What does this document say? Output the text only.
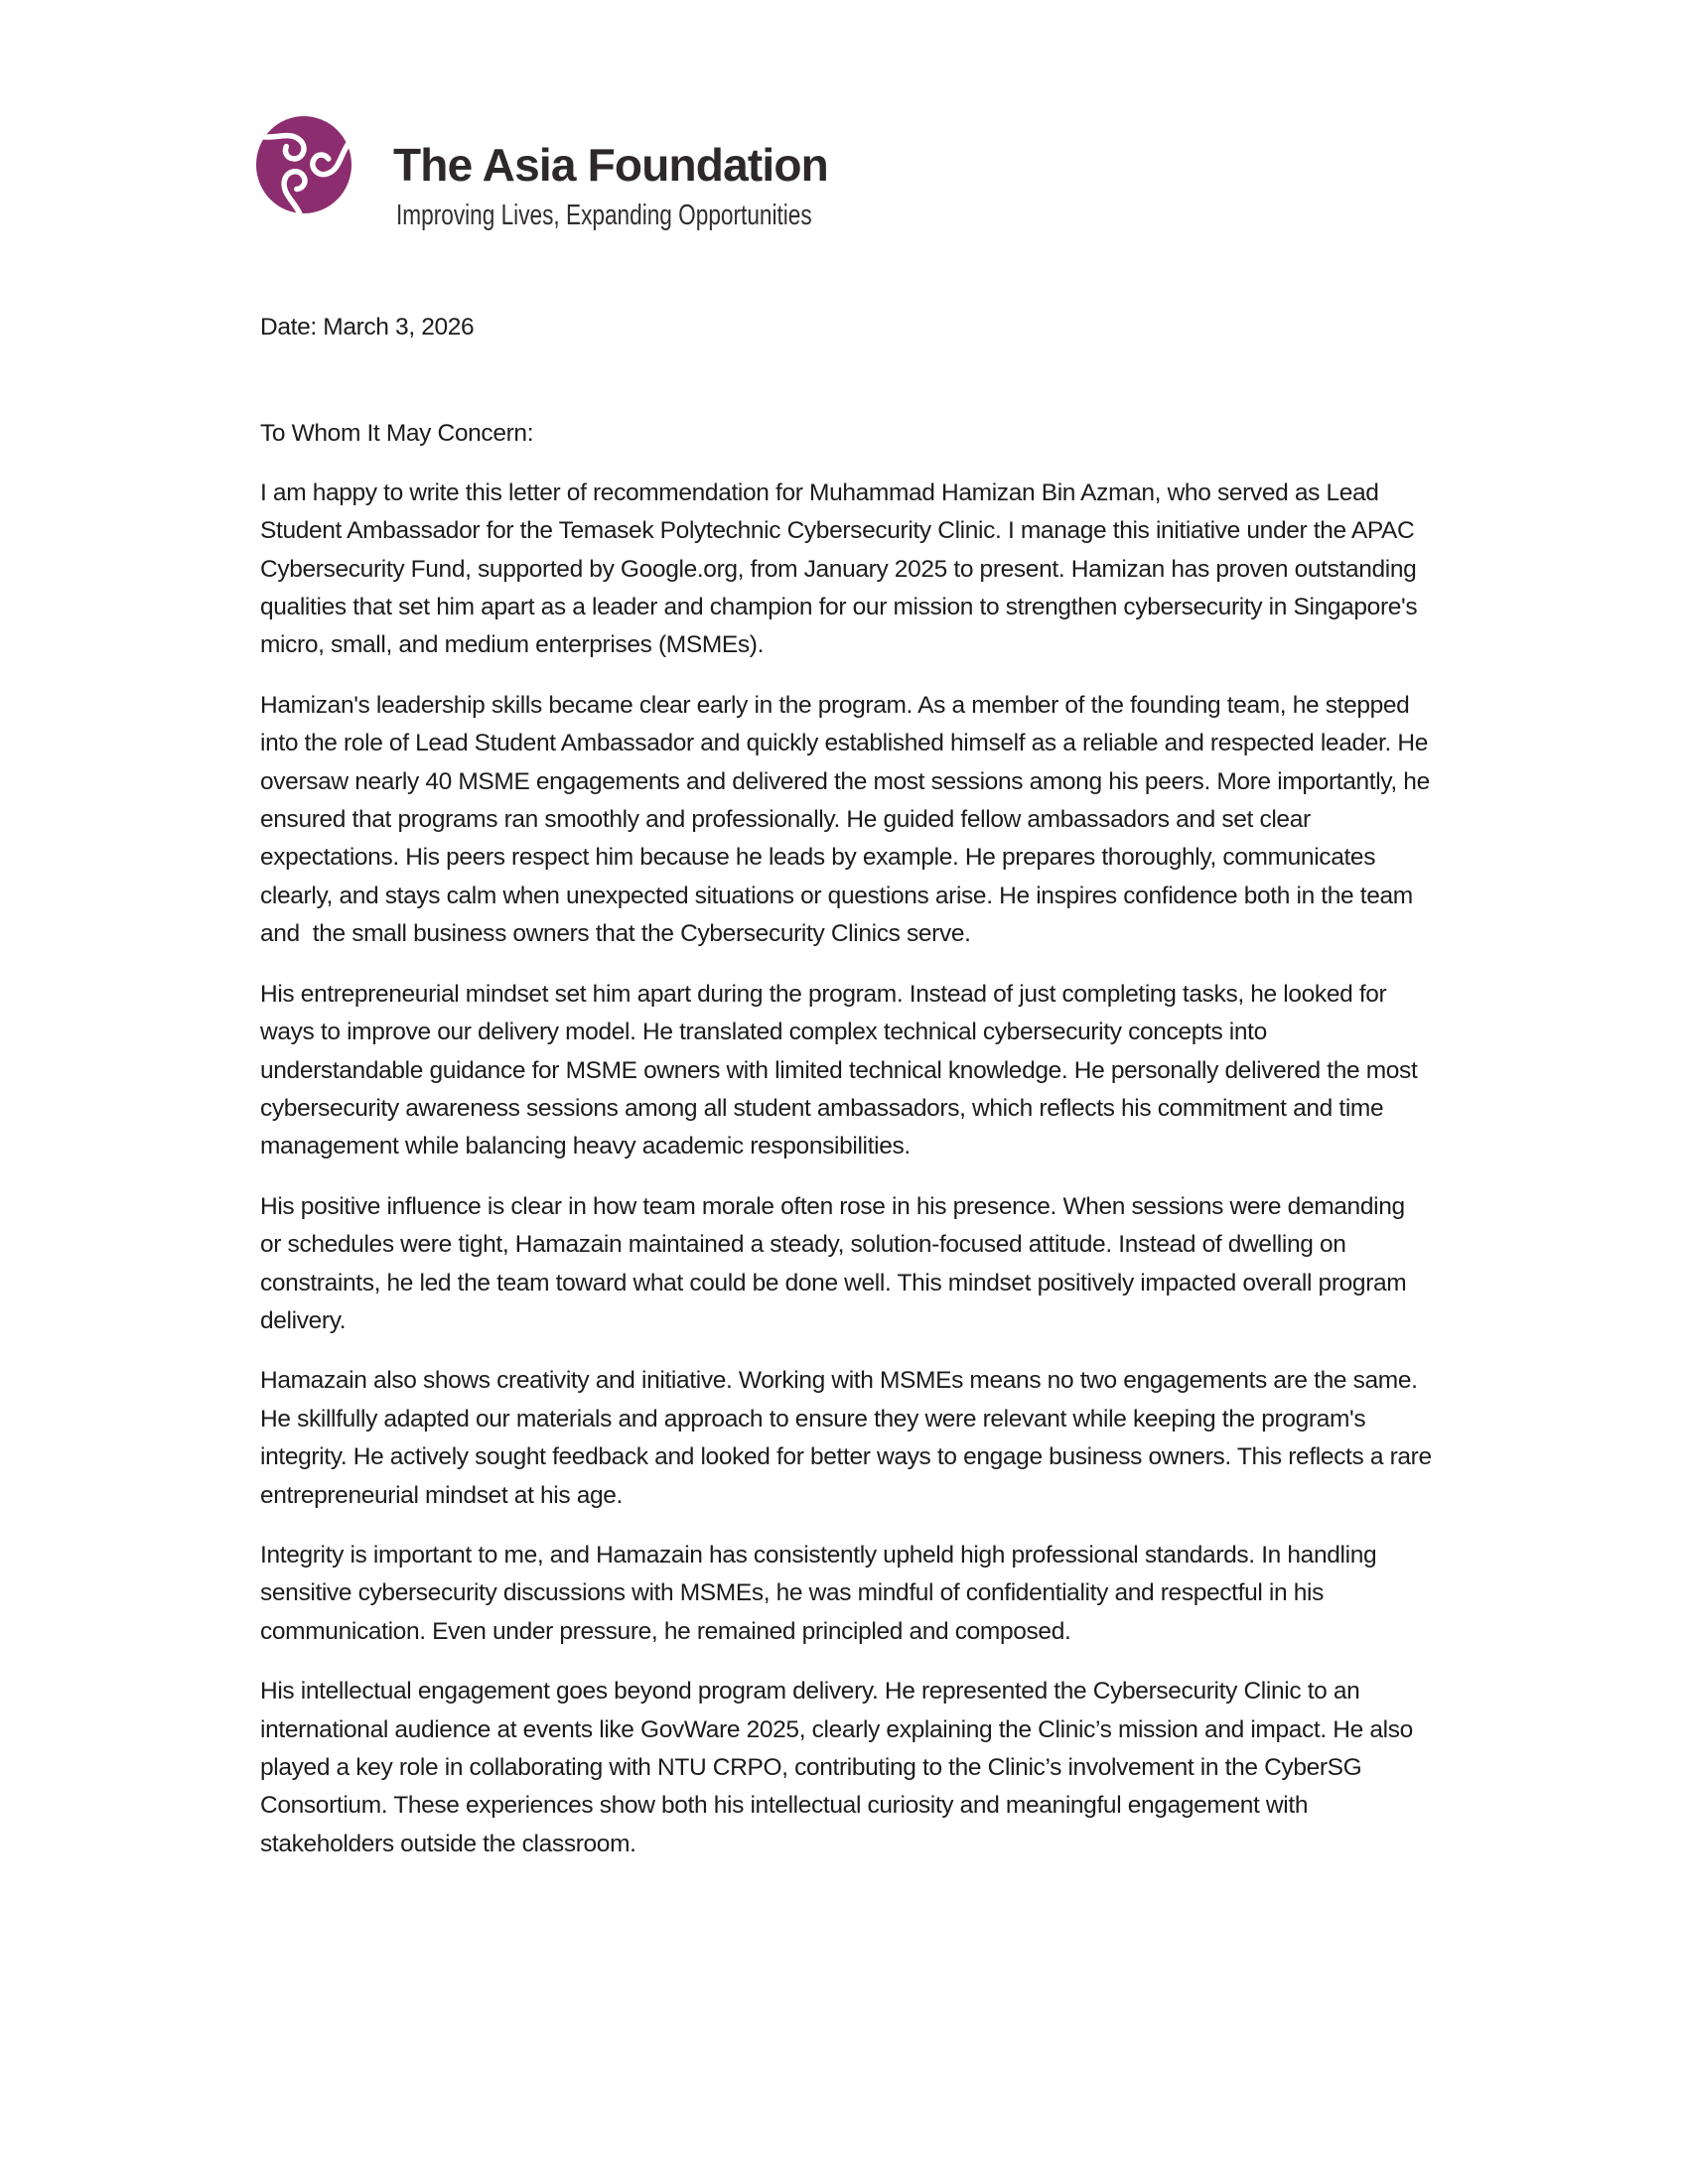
The Asia Foundation
Improving Lives, Expanding Opportunities

Date: March 3, 2026

To Whom It May Concern:

I am happy to write this letter of recommendation for Muhammad Hamizan Bin Azman, who served as Lead Student Ambassador for the Temasek Polytechnic Cybersecurity Clinic. I manage this initiative under the APAC Cybersecurity Fund, supported by Google.org, from January 2025 to present. Hamizan has proven outstanding qualities that set him apart as a leader and champion for our mission to strengthen cybersecurity in Singapore's micro, small, and medium enterprises (MSMEs).

Hamizan's leadership skills became clear early in the program. As a member of the founding team, he stepped into the role of Lead Student Ambassador and quickly established himself as a reliable and respected leader. He oversaw nearly 40 MSME engagements and delivered the most sessions among his peers. More importantly, he ensured that programs ran smoothly and professionally. He guided fellow ambassadors and set clear expectations. His peers respect him because he leads by example. He prepares thoroughly, communicates clearly, and stays calm when unexpected situations or questions arise. He inspires confidence both in the team and  the small business owners that the Cybersecurity Clinics serve.

His entrepreneurial mindset set him apart during the program. Instead of just completing tasks, he looked for ways to improve our delivery model. He translated complex technical cybersecurity concepts into understandable guidance for MSME owners with limited technical knowledge. He personally delivered the most cybersecurity awareness sessions among all student ambassadors, which reflects his commitment and time management while balancing heavy academic responsibilities.

His positive influence is clear in how team morale often rose in his presence. When sessions were demanding or schedules were tight, Hamazain maintained a steady, solution-focused attitude. Instead of dwelling on constraints, he led the team toward what could be done well. This mindset positively impacted overall program delivery.

Hamazain also shows creativity and initiative. Working with MSMEs means no two engagements are the same. He skillfully adapted our materials and approach to ensure they were relevant while keeping the program's integrity. He actively sought feedback and looked for better ways to engage business owners. This reflects a rare entrepreneurial mindset at his age.

Integrity is important to me, and Hamazain has consistently upheld high professional standards. In handling sensitive cybersecurity discussions with MSMEs, he was mindful of confidentiality and respectful in his communication. Even under pressure, he remained principled and composed.

His intellectual engagement goes beyond program delivery. He represented the Cybersecurity Clinic to an international audience at events like GovWare 2025, clearly explaining the Clinic’s mission and impact. He also played a key role in collaborating with NTU CRPO, contributing to the Clinic’s involvement in the CyberSG Consortium. These experiences show both his intellectual curiosity and meaningful engagement with stakeholders outside the classroom.
